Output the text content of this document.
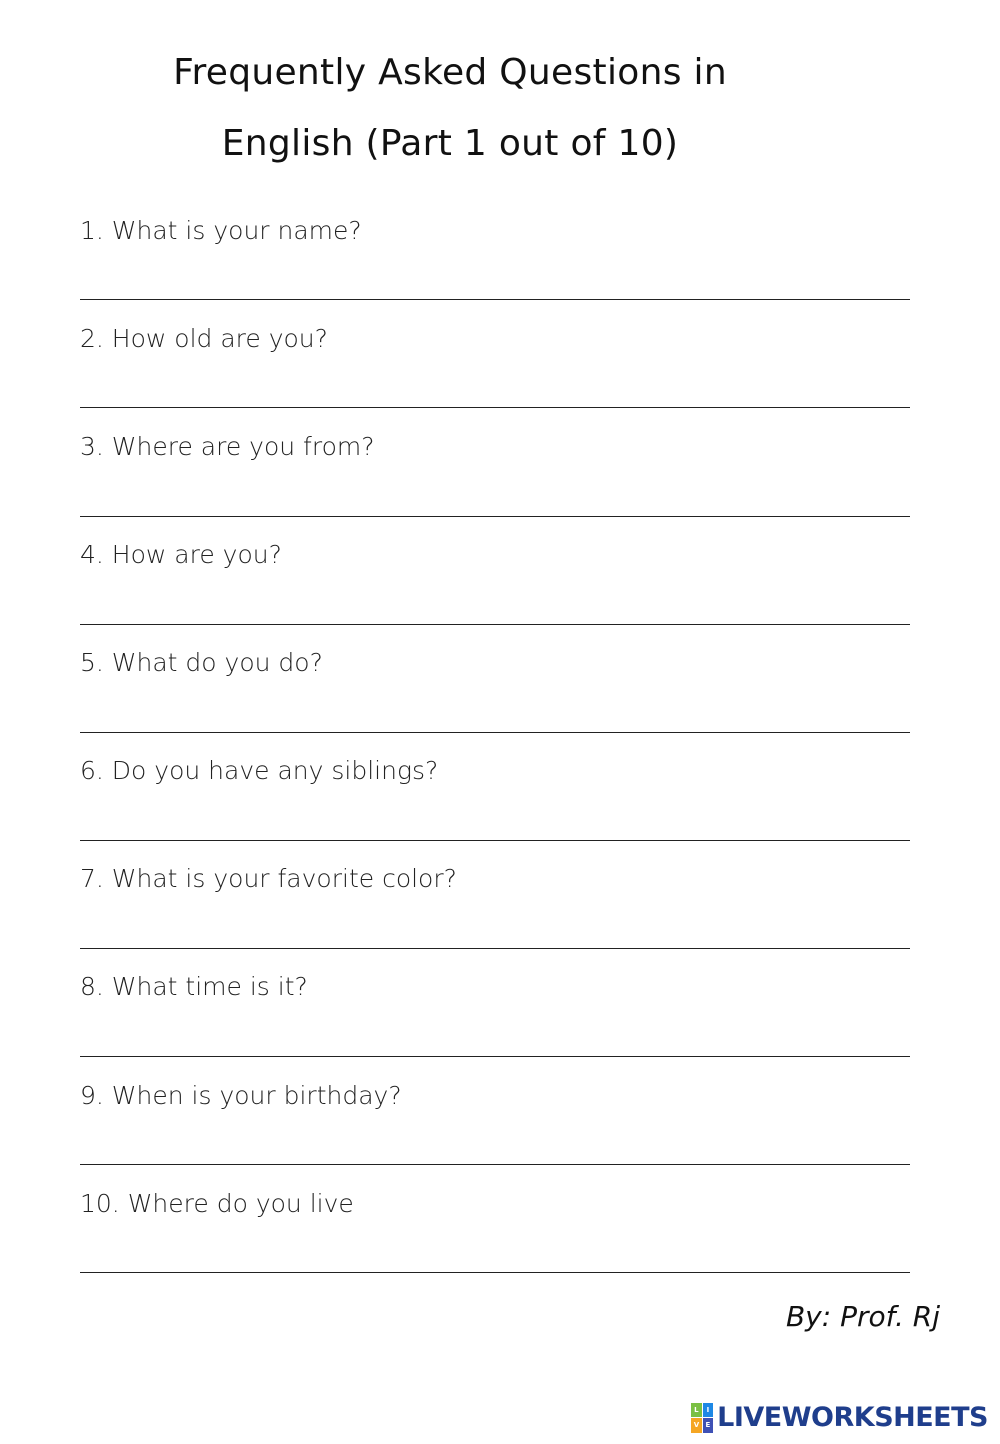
Frequently Asked Questions in
English (Part 1 out of 10)
1. What is your name?
2. How old are you?
3. Where are you from?
4. How are you?
5. What do you do?
6. Do you have any siblings?
7. What is your favorite color?
8. What time is it?
9. When is your birthday?
10. Where do you live
By: Prof. Rj
L	I
V E LIVEWORKSHEETS
